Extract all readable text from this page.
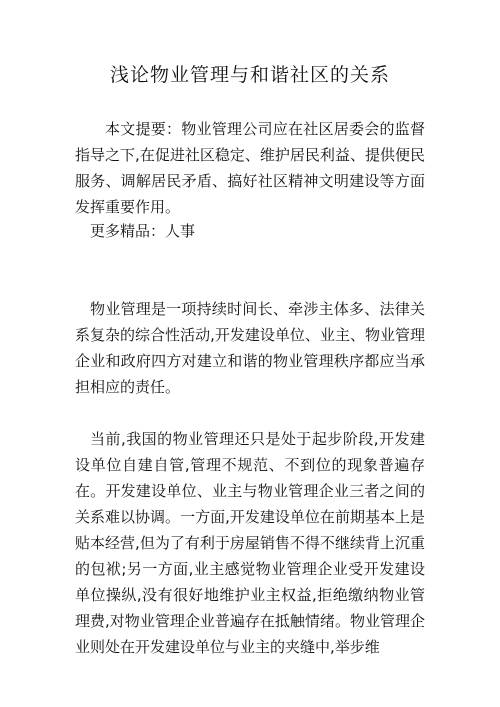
浅论物业管理与和谐社区的关系

本文提要：物业管理公司应在社区居委会的监督指导之下,在促进社区稳定、维护居民利益、提供便民服务、调解居民矛盾、搞好社区精神文明建设等方面发挥重要作用。

更多精品：人事

物业管理是一项持续时间长、牵涉主体多、法律关系复杂的综合性活动,开发建设单位、业主、物业管理企业和政府四方对建立和谐的物业管理秩序都应当承担相应的责任。

当前,我国的物业管理还只是处于起步阶段,开发建设单位自建自管,管理不规范、不到位的现象普遍存在。开发建设单位、业主与物业管理企业三者之间的关系难以协调。一方面,开发建设单位在前期基本上是贴本经营,但为了有利于房屋销售不得不继续背上沉重的包袱;另一方面,业主感觉物业管理企业受开发建设单位操纵,没有很好地维护业主权益,拒绝缴纳物业管理费,对物业管理企业普遍存在抵触情绪。物业管理企业则处在开发建设单位与业主的夹缝中,举步维
